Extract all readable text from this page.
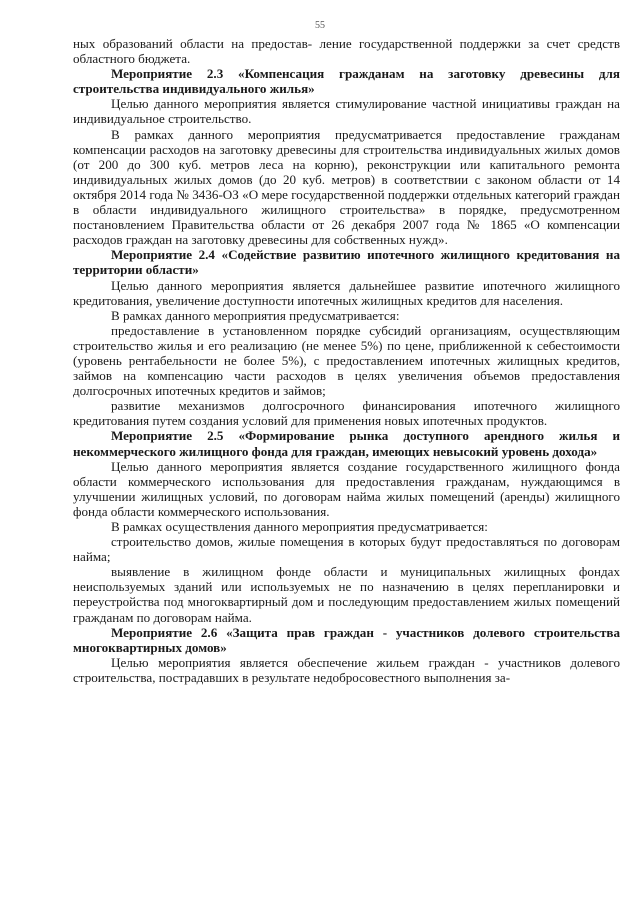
55

ных образований области на предостав- ление государственной поддержки за счет средств областного бюджета.

Мероприятие 2.3 «Компенсация гражданам на заготовку древесины для строительства индивидуального жилья»

Целью данного мероприятия является стимулирование частной инициативы граждан на индивидуальное строительство.

В рамках данного мероприятия предусматривается предоставление гражданам компенсации расходов на заготовку древесины для строительства индивидуальных жилых домов (от 200 до 300 куб. метров леса на корню), реконструкции или капитального ремонта индивидуальных жилых домов (до 20 куб. метров) в соответствии с законом области от 14 октября 2014 года № 3436-ОЗ «О мере государственной поддержки отдельных категорий граждан в области индивидуального жилищного строительства» в порядке, предусмотренном постановлением Правительства области от 26 декабря 2007 года № 1865 «О компенсации расходов граждан на заготовку древесины для собственных нужд».

Мероприятие 2.4 «Содействие развитию ипотечного жилищного кредитования на территории области»

Целью данного мероприятия является дальнейшее развитие ипотечного жилищного кредитования, увеличение доступности ипотечных жилищных кредитов для населения.

В рамках данного мероприятия предусматривается:

предоставление в установленном порядке субсидий организациям, осуществляющим строительство жилья и его реализацию (не менее 5%) по цене, приближенной к себестоимости (уровень рентабельности не более 5%), с предоставлением ипотечных жилищных кредитов, займов на компенсацию части расходов в целях увеличения объемов предоставления долгосрочных ипотечных кредитов и займов;

развитие механизмов долгосрочного финансирования ипотечного жилищного кредитования путем создания условий для применения новых ипотечных продуктов.

Мероприятие 2.5 «Формирование рынка доступного арендного жилья и некоммерческого жилищного фонда для граждан, имеющих невысокий уровень дохода»

Целью данного мероприятия является создание государственного жилищного фонда области коммерческого использования для предоставления гражданам, нуждающимся в улучшении жилищных условий, по договорам найма жилых помещений (аренды) жилищного фонда области коммерческого использования.

В рамках осуществления данного мероприятия предусматривается:

строительство домов, жилые помещения в которых будут предоставляться по договорам найма;

выявление в жилищном фонде области и муниципальных жилищных фондах неиспользуемых зданий или используемых не по назначению в целях перепланировки и переустройства под многоквартирный дом и последующим предоставлением жилых помещений гражданам по договорам найма.

Мероприятие 2.6 «Защита прав граждан - участников долевого строительства многоквартирных домов»

Целью мероприятия является обеспечение жильем граждан - участников долевого строительства, пострадавших в результате недобросовестного выполнения за-
